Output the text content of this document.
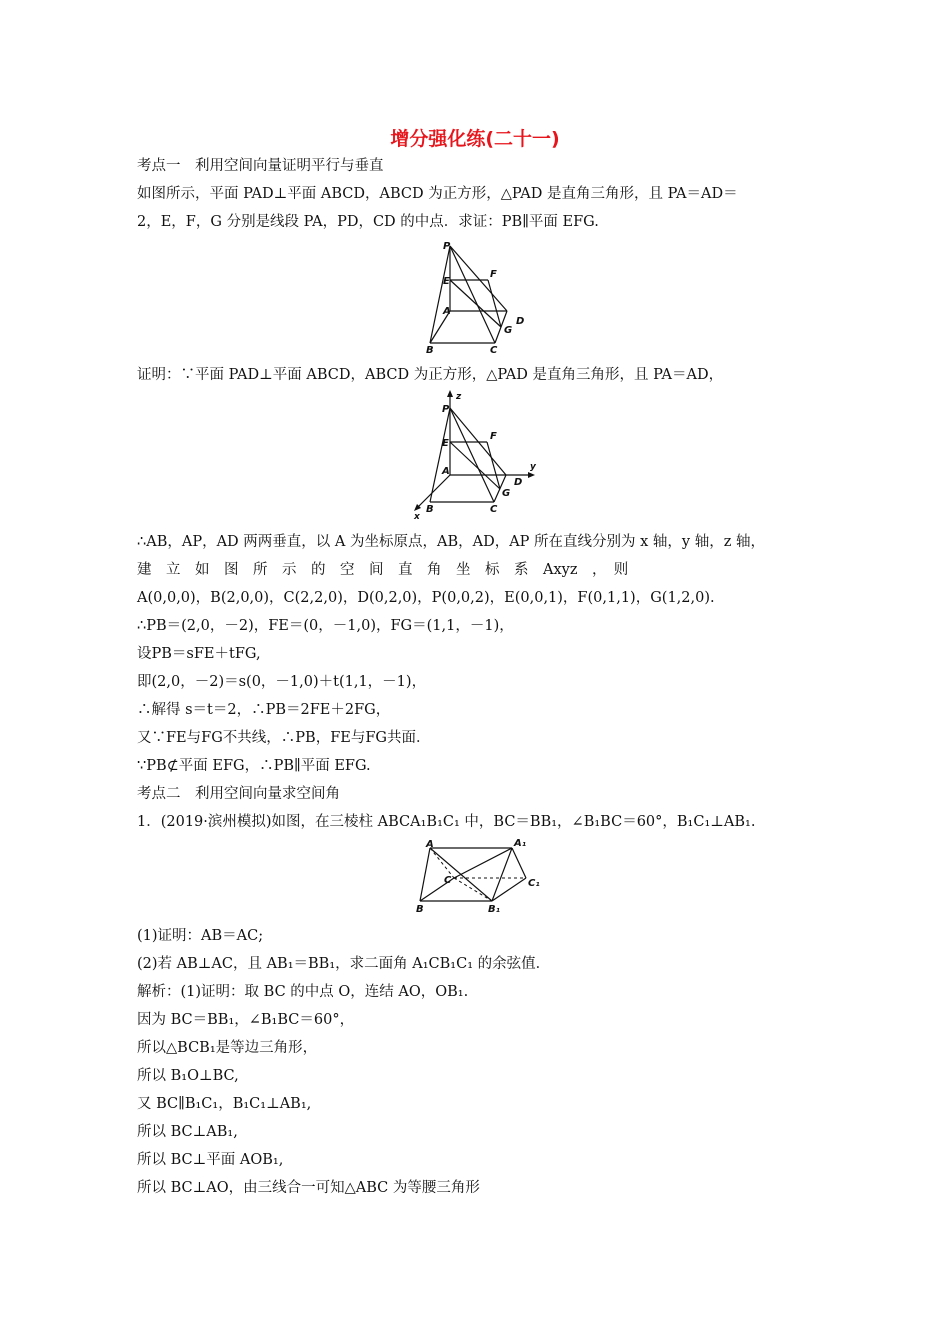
增分强化练(二十一)
考点一　利用空间向量证明平行与垂直
如图所示，平面 PAD⊥平面 ABCD，ABCD 为正方形，△PAD 是直角三角形，且 PA＝AD＝
2，E，F，G 分别是线段 PA，PD，CD 的中点．求证：PB∥平面 EFG.
P
E
F
A
G
D
B	C
证明：∵平面 PAD⊥平面 ABCD，ABCD 为正方形，△PAD 是直角三角形，且 PA＝AD，
z
P
E
F
y
A
G
D
B	C
x
∴AB，AP，AD 两两垂直，以 A 为坐标原点，AB，AD，AP 所在直线分别为 x 轴，y 轴，z 轴，
建　立　如　图　所　示　的　空　间　直　角　坐　标　系　Axyz　，　则
A(0,0,0)，B(2,0,0)，C(2,2,0)，D(0,2,0)，P(0,0,2)，E(0,0,1)，F(0,1,1)，G(1,2,0).
∴PB＝(2,0，－2)，FE＝(0，－1,0)，FG＝(1,1，－1)，
设PB＝sFE＋tFG,
即(2,0，－2)＝s(0，－1,0)＋t(1,1，－1)，
∴解得 s＝t＝2，∴PB＝2FE＋2FG，
又∵FE与FG不共线，∴PB，FE与FG共面．
∵PB⊄平面 EFG，∴PB∥平面 EFG.
考点二　利用空间向量求空间角
1．(2019·滨州模拟)如图，在三棱柱 ABCA₁B₁C₁ 中，BC＝BB₁，∠B₁BC＝60°，B₁C₁⊥AB₁.
A	A₁
C	C₁
B	B₁
(1)证明：AB＝AC;
(2)若 AB⊥AC，且 AB₁＝BB₁，求二面角 A₁CB₁C₁ 的余弦值．
解析：(1)证明：取 BC 的中点 O，连结 AO，OB₁.
因为 BC＝BB₁，∠B₁BC＝60°，
所以△BCB₁是等边三角形，
所以 B₁O⊥BC,
又 BC∥B₁C₁，B₁C₁⊥AB₁,
所以 BC⊥AB₁,
所以 BC⊥平面 AOB₁,
所以 BC⊥AO，由三线合一可知△ABC 为等腰三角形
